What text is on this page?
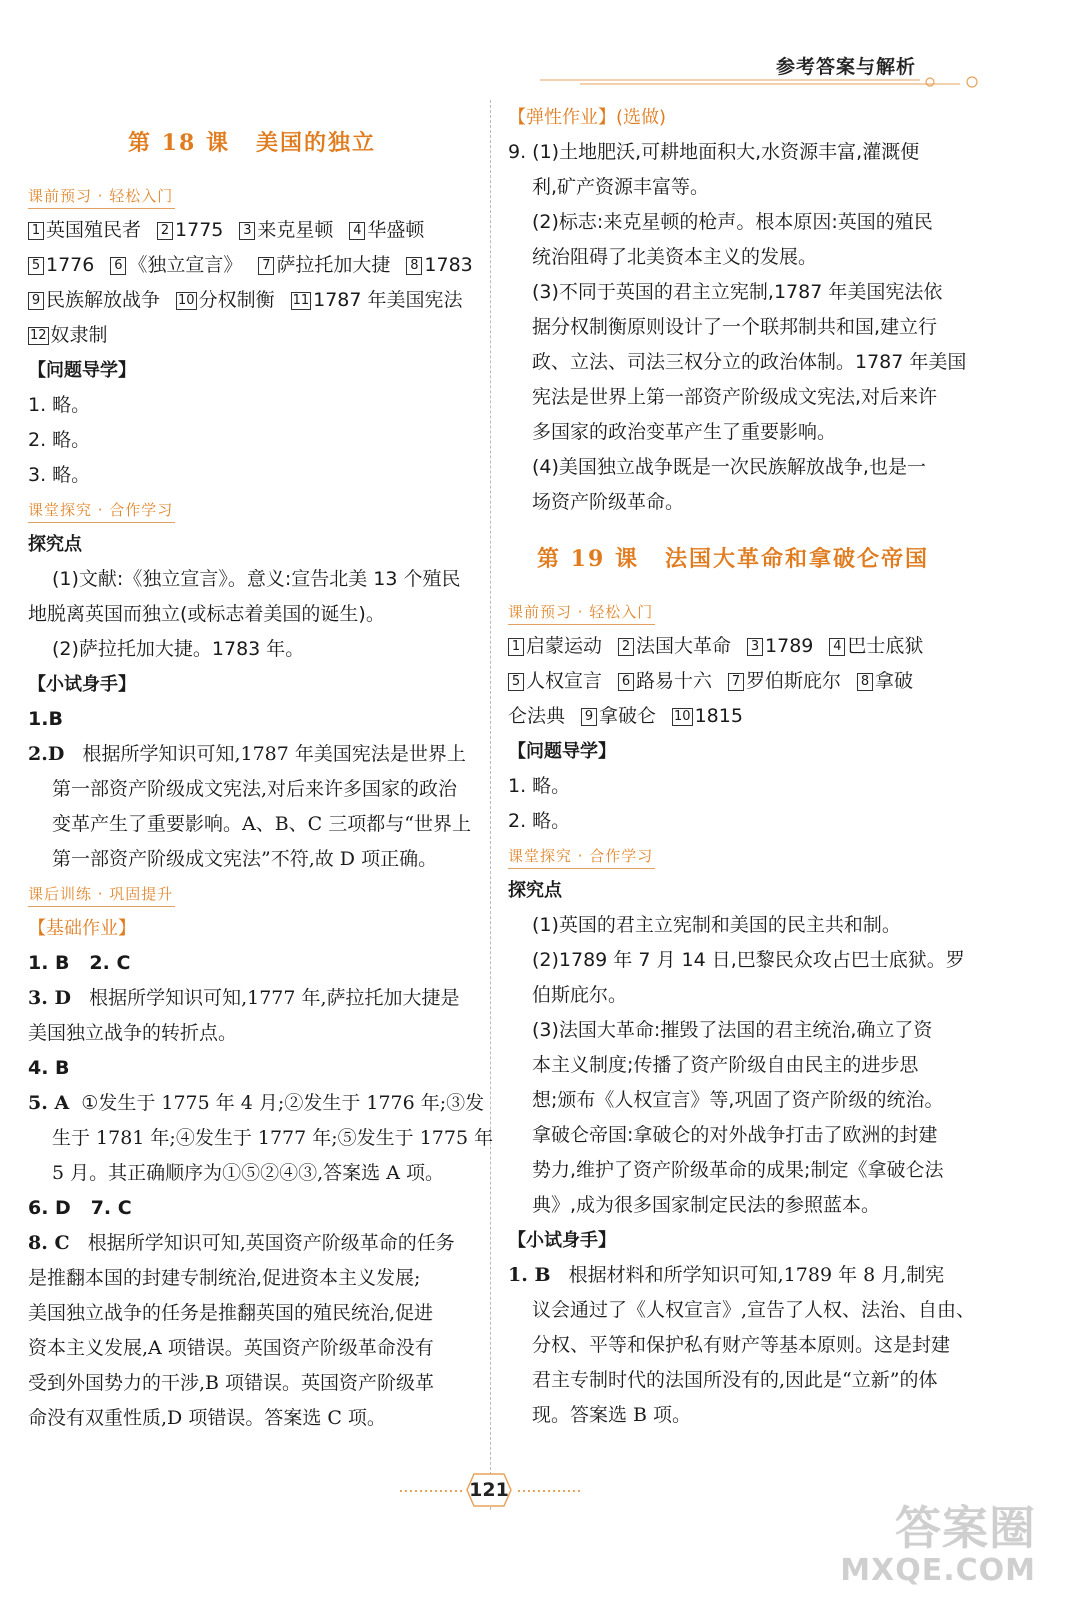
参考答案与解析
第 18 课 美国的独立
课前预习 · 轻松入门
1 英国殖民者 2 1775 3 来克星顿 4 华盛顿
5 1776 6 《独立宣言》 7 萨拉托加大捷 8 1783
9 民族解放战争 10 分权制衡 11 1787 年美国宪法
12 奴隶制
【问题导学】
1. 略。
2. 略。
3. 略。
课堂探究 · 合作学习
探究点
(1)文献:《独立宣言》。意义:宣告北美 13 个殖民
地脱离英国而独立(或标志着美国的诞生)。
(2)萨拉托加大捷。1783 年。
【小试身手】
1.B
2.D 根据所学知识可知,1787 年美国宪法是世界上
第一部资产阶级成文宪法,对后来许多国家的政治
变革产生了重要影响。A、B、C 三项都与“世界上
第一部资产阶级成文宪法”不符,故 D 项正确。
课后训练 · 巩固提升
【基础作业】
1. B 2. C
3. D 根据所学知识可知,1777 年,萨拉托加大捷是
美国独立战争的转折点。
4. B
5. A ①发生于 1775 年 4 月;②发生于 1776 年;③发
生于 1781 年;④发生于 1777 年;⑤发生于 1775 年
5 月。其正确顺序为①⑤②④③,答案选 A 项。
6. D 7. C
8. C 根据所学知识可知,英国资产阶级革命的任务
是推翻本国的封建专制统治,促进资本主义发展;
美国独立战争的任务是推翻英国的殖民统治,促进
资本主义发展,A 项错误。英国资产阶级革命没有
受到外国势力的干涉,B 项错误。英国资产阶级革
命没有双重性质,D 项错误。答案选 C 项。
【弹性作业】(选做)
9. (1)土地肥沃,可耕地面积大,水资源丰富,灌溉便
利,矿产资源丰富等。
(2)标志:来克星顿的枪声。根本原因:英国的殖民
统治阻碍了北美资本主义的发展。
(3)不同于英国的君主立宪制,1787 年美国宪法依
据分权制衡原则设计了一个联邦制共和国,建立行
政、立法、司法三权分立的政治体制。1787 年美国
宪法是世界上第一部资产阶级成文宪法,对后来许
多国家的政治变革产生了重要影响。
(4)美国独立战争既是一次民族解放战争,也是一
场资产阶级革命。
第 19 课 法国大革命和拿破仑帝国
课前预习 · 轻松入门
1 启蒙运动 2 法国大革命 3 1789 4 巴士底狱
5 人权宣言 6 路易十六 7 罗伯斯庇尔 8 拿破
仑法典 9 拿破仑 10 1815
【问题导学】
1. 略。
2. 略。
课堂探究 · 合作学习
探究点
(1)英国的君主立宪制和美国的民主共和制。
(2)1789 年 7 月 14 日,巴黎民众攻占巴士底狱。罗
伯斯庇尔。
(3)法国大革命:摧毁了法国的君主统治,确立了资
本主义制度;传播了资产阶级自由民主的进步思
想;颁布《人权宣言》等,巩固了资产阶级的统治。
拿破仑帝国:拿破仑的对外战争打击了欧洲的封建
势力,维护了资产阶级革命的成果;制定《拿破仑法
典》,成为很多国家制定民法的参照蓝本。
【小试身手】
1. B 根据材料和所学知识可知,1789 年 8 月,制宪
议会通过了《人权宣言》,宣告了人权、法治、自由、
分权、平等和保护私有财产等基本原则。这是封建
君主专制时代的法国所没有的,因此是“立新”的体
现。答案选 B 项。
121
答案圈
MXQE.COM
